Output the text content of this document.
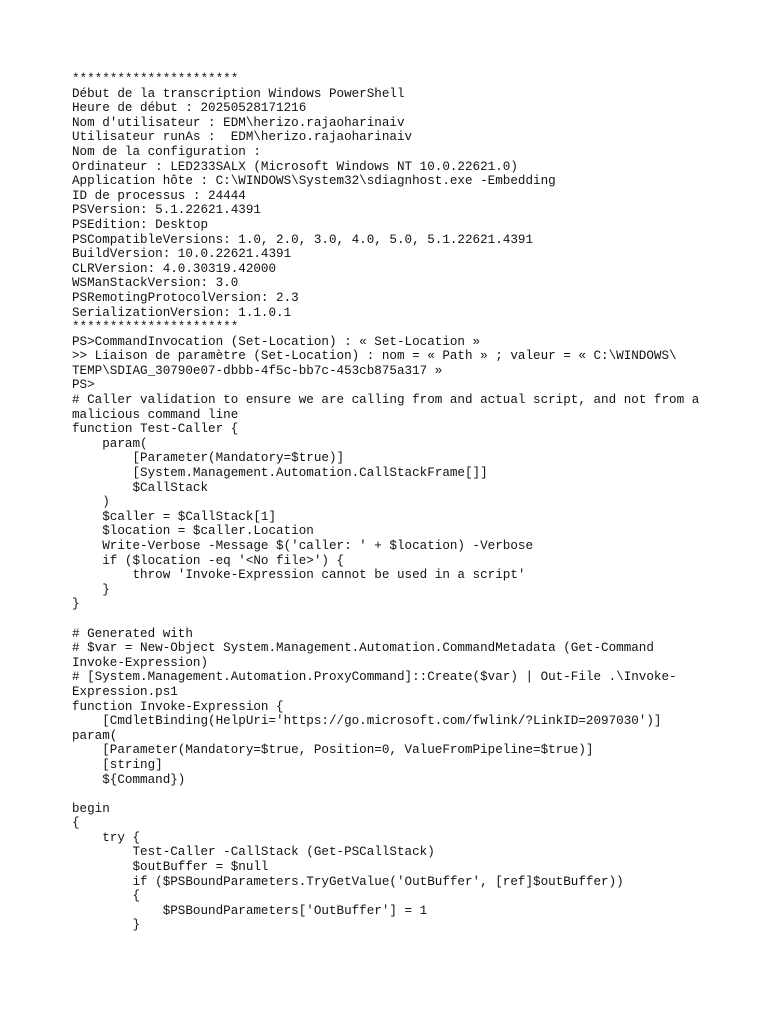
**********************
Début de la transcription Windows PowerShell
Heure de début : 20250528171216
Nom d'utilisateur : EDM\herizo.rajaoharinaiv
Utilisateur runAs :  EDM\herizo.rajaoharinaiv
Nom de la configuration :
Ordinateur : LED233SALX (Microsoft Windows NT 10.0.22621.0)
Application hôte : C:\WINDOWS\System32\sdiagnhost.exe -Embedding
ID de processus : 24444
PSVersion: 5.1.22621.4391
PSEdition: Desktop
PSCompatibleVersions: 1.0, 2.0, 3.0, 4.0, 5.0, 5.1.22621.4391
BuildVersion: 10.0.22621.4391
CLRVersion: 4.0.30319.42000
WSManStackVersion: 3.0
PSRemotingProtocolVersion: 2.3
SerializationVersion: 1.1.0.1
**********************
PS>CommandInvocation (Set-Location) : « Set-Location »
>> Liaison de paramètre (Set-Location) : nom = « Path » ; valeur = « C:\WINDOWS\
TEMP\SDIAG_30790e07-dbbb-4f5c-bb7c-453cb875a317 »
PS>
# Caller validation to ensure we are calling from and actual script, and not from a
malicious command line
function Test-Caller {
param(
[Parameter(Mandatory=$true)]
[System.Management.Automation.CallStackFrame[]]
$CallStack
)
$caller = $CallStack[1]
$location = $caller.Location
Write-Verbose -Message $('caller: ' + $location) -Verbose
if ($location -eq '<No file>') {
throw 'Invoke-Expression cannot be used in a script'
}
}
# Generated with
# $var = New-Object System.Management.Automation.CommandMetadata (Get-Command
Invoke-Expression)
# [System.Management.Automation.ProxyCommand]::Create($var) | Out-File .\Invoke-
Expression.ps1
function Invoke-Expression {
[CmdletBinding(HelpUri='https://go.microsoft.com/fwlink/?LinkID=2097030')]
param(
[Parameter(Mandatory=$true, Position=0, ValueFromPipeline=$true)]
[string]
${Command})
begin
{
try {
Test-Caller -CallStack (Get-PSCallStack)
$outBuffer = $null
if ($PSBoundParameters.TryGetValue('OutBuffer', [ref]$outBuffer))
{
$PSBoundParameters['OutBuffer'] = 1
}
